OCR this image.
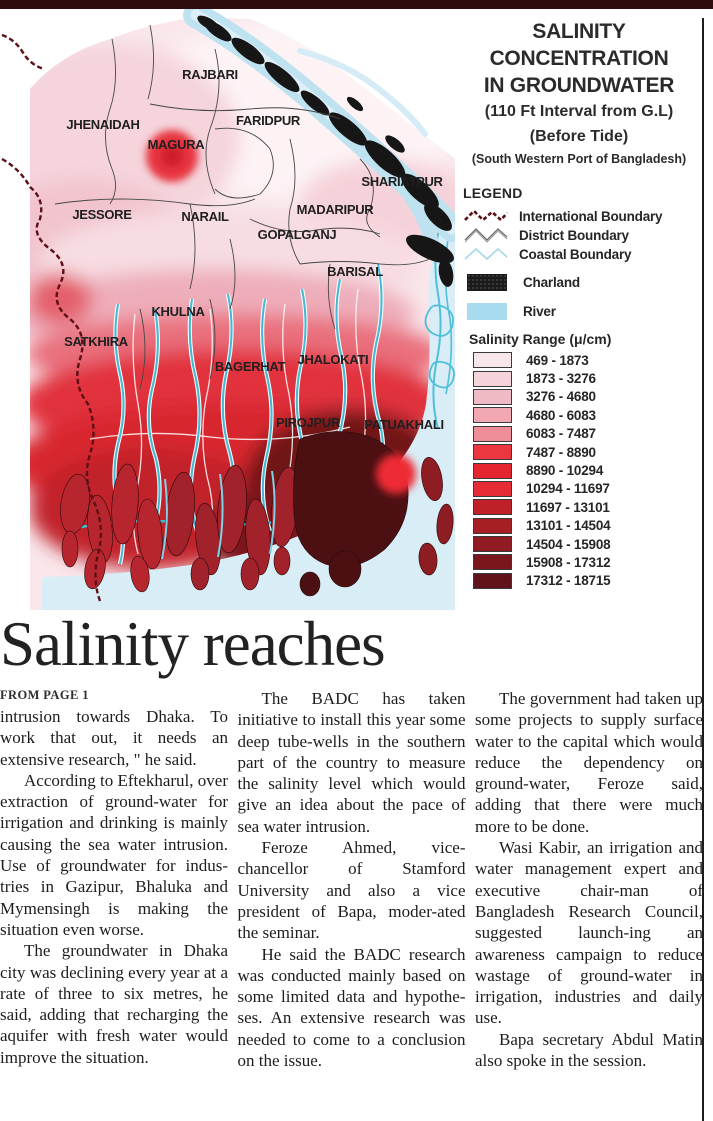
RAJBARI
JHENAIDAH	FARIDPUR
MAGURA
SHARIATPUR
JESSORE	NARAIL	MADARIPUR
GOPALGANJ
BARISAL
KHULNA
SATKHIRA
BAGERHAT JHALOKATI
PIROJPUR PATUAKHALI
SALINITY
CONCENTRATION
IN GROUNDWATER
(110 Ft Interval from G.L)
(Before Tide)
(South Western Port of Bangladesh)
LEGEND
International Boundary
District Boundary
Coastal Boundary
Charland
River
Salinity Range (μ/cm)
469 - 1873
1873 - 3276
3276 - 4680
4680 - 6083
6083 - 7487
7487 - 8890
8890 - 10294
10294 - 11697
11697 - 13101
13101 - 14504
14504 - 15908
15908 - 17312
17312 - 18715
Salinity reaches
FROM PAGE 1

intrusion towards Dhaka. To work that out, it needs an extensive research, " he said.

According to Eftekharul, over extraction of ground-water for irrigation and drinking is mainly causing the sea water intrusion. Use of groundwater for indus-tries in Gazipur, Bhaluka and Mymensingh is making the situation even worse.

The groundwater in Dhaka city was declining every year at a rate of three to six metres, he said, adding that recharging the aquifer with fresh water would improve the situation.

The BADC has taken initiative to install this year some deep tube-wells in the southern part of the country to measure the salinity level which would give an idea about the pace of sea water intrusion.

Feroze Ahmed, vice-chancellor of Stamford University and also a vice president of Bapa, moder-ated the seminar.

He said the BADC research was conducted mainly based on some limited data and hypothe-ses. An extensive research was needed to come to a conclusion on the issue.

The government had taken up some projects to supply surface water to the capital which would reduce the dependency on ground-water, Feroze said, adding that there were much more to be done.

Wasi Kabir, an irrigation and water management expert and executive chair-man of Bangladesh Research Council, suggested launch-ing an awareness campaign to reduce wastage of ground-water in irrigation, industries and daily use.

Bapa secretary Abdul Matin also spoke in the session.
